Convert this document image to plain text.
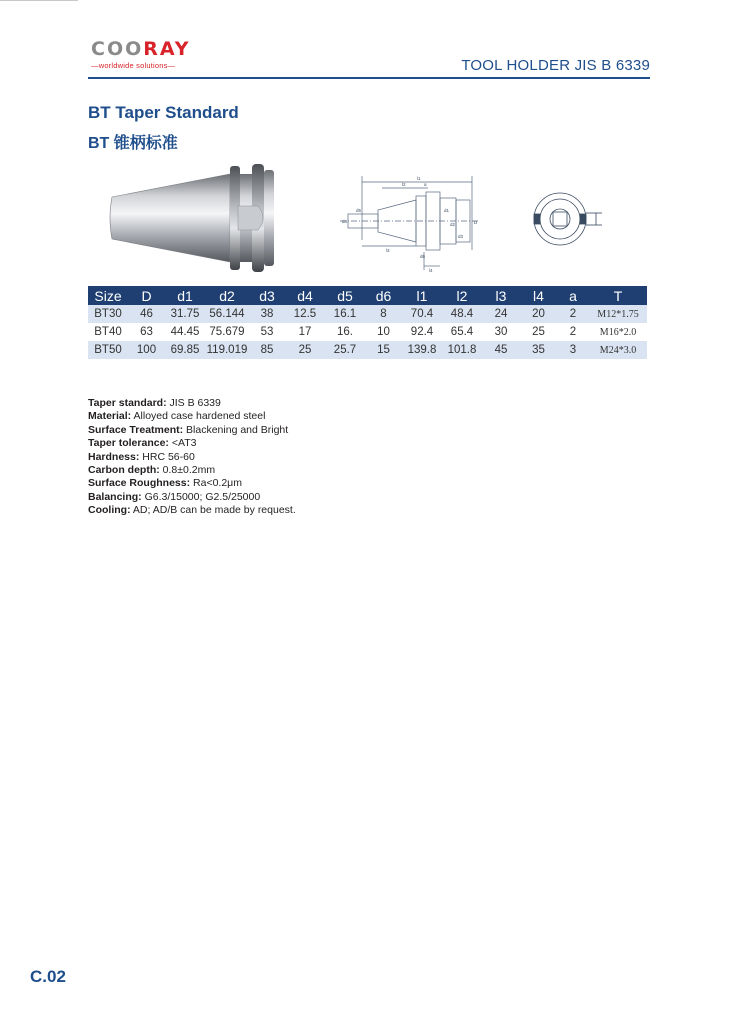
COORAY
—worldwide solutions—	TOOL HOLDER JIS B 6339
BT Taper Standard
BT 锥柄标准
l1
l2	a
d4
d5
l3
d6
d1
d2
d3
D
l4
Size	D	d1	d2	d3	d4	d5	d6	l1	l2	l3	l4	a	T
BT30	46	31.75	56.144	38	12.5	16.1	8	70.4	48.4	24	20	2	M12*1.75
BT40	63	44.45	75.679	53	17	16.	10	92.4	65.4	30	25	2	M16*2.0
BT50	100	69.85	119.019	85	25	25.7	15	139.8	101.8	45	35	3	M24*3.0
Taper standard: JIS B 6339
Material: Alloyed case hardened steel
Surface Treatment: Blackening and Bright
Taper tolerance: <AT3
Hardness: HRC 56-60
Carbon depth: 0.8±0.2mm
Surface Roughness: Ra<0.2μm
Balancing: G6.3/15000; G2.5/25000
Cooling: AD; AD/B can be made by request.
C.02
